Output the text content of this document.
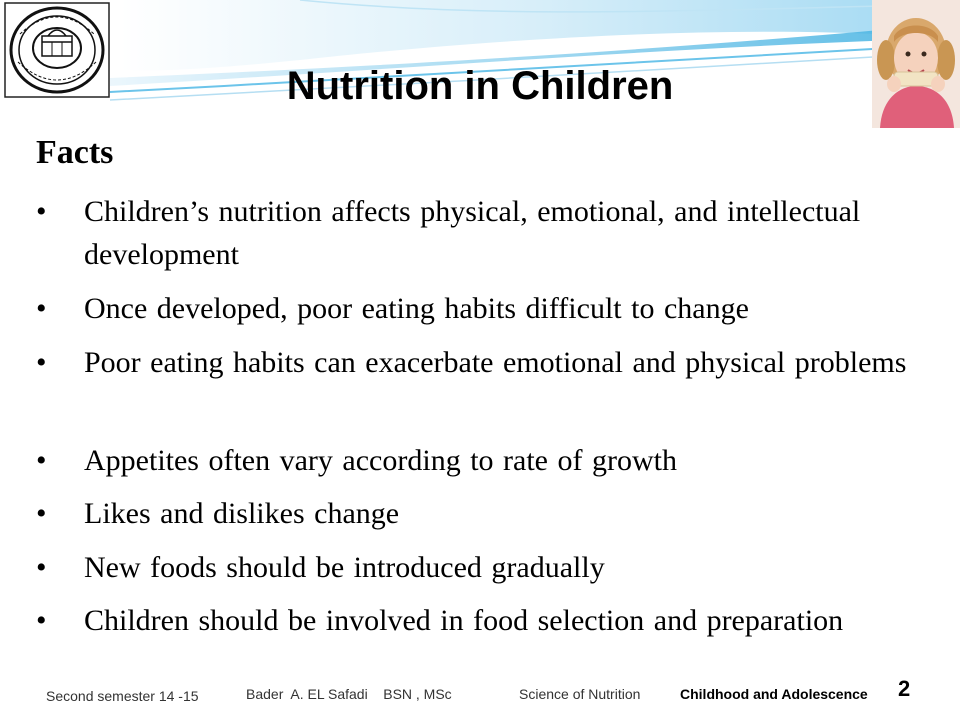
Nutrition in Children
Facts
•	Children’s nutrition affects physical, emotional, and intellectual development
•	Once developed, poor eating habits difficult to change
•	Poor eating habits can exacerbate emotional and physical problems
•	Appetites often vary according to rate of growth
•	Likes and dislikes change
•	New foods should be introduced gradually
•	Children should be involved in food selection and preparation
Second semester 14 -15	Bader  A. EL Safadi    BSN , MSc	Science of Nutrition	Childhood and Adolescence 2
